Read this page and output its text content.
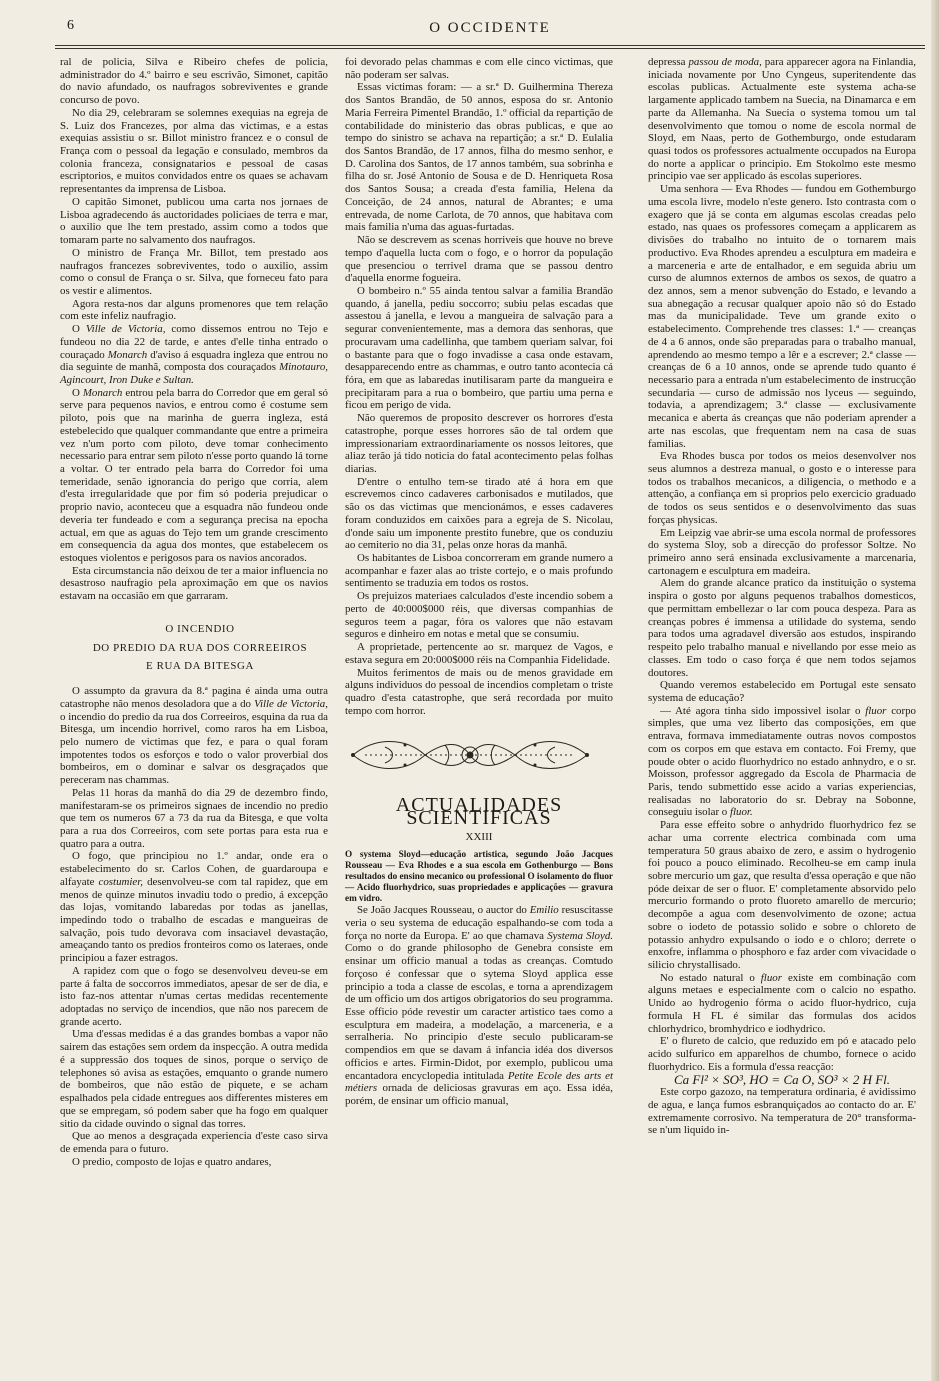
6	O OCCIDENTE

ral de policia, Silva e Ribeiro chefes de policia, administrador do 4.º bairro e seu escrivão, Simonet, capitão do navio afundado, os naufragos sobreviventes e grande concurso de povo.

No dia 29, celebraram se solemnes exequias na egreja de S. Luiz dos Francezes, por alma das victimas, e a estas exequias assistiu o sr. Billot ministro francez e o consul de França com o pessoal da legação e consulado, membros da colonia franceza, consignatarios e pessoal de casas escriptorios, e muitos convidados entre os quaes se achavam representantes da imprensa de Lisboa.

O capitão Simonet, publicou uma carta nos jornaes de Lisboa agradecendo ás auctoridades policiaes de terra e mar, o auxilio que lhe tem prestado, assim como a todos que tomaram parte no salvamento dos naufragos.

O ministro de França Mr. Billot, tem prestado aos naufragos francezes sobreviventes, todo o auxilio, assim como o consul de França o sr. Silva, que forneceu fato para os vestir e alimentos.

Agora resta-nos dar alguns promenores que tem relação com este infeliz naufragio.

O Ville de Victoria, como dissemos entrou no Tejo e fundeou no dia 22 de tarde, e antes d'elle tinha entrado o couraçado Monarch d'aviso á esquadra ingleza que entrou no dia seguinte de manhã, composta dos couraçados Minotauro, Agincourt, Iron Duke e Sultan.

O Monarch entrou pela barra do Corredor que em geral só serve para pequenos navios, e entrou como é costume sem piloto, pois que na marinha de guerra ingleza, está estebelecido que qualquer commandante que entre a primeira vez n'um porto com piloto, deve tomar conhecimento necessario para entrar sem piloto n'esse porto quando lá torne a voltar. O ter entrado pela barra do Corredor foi uma temeridade, senão ignorancia do perigo que corria, alem d'esta irregularidade que por fim só poderia prejudicar o proprio navio, aconteceu que a esquadra não fundeou onde deveria ter fundeado e com a segurança precisa na epocha actual, em que as aguas do Tejo tem um grande crescimento em consequencia da agua dos montes, que estabelecem os estoques violentos e perigosos para os navios ancorados.

Esta circumstancia não deixou de ter a maior influencia no desastroso naufragio pela aproximação em que os navios estavam na occasião em que garraram.

O INCENDIO

DO PREDIO DA RUA DOS CORREEIROS

E RUA DA BITESGA

O assumpto da gravura da 8.ª pagina é ainda uma outra catastrophe não menos desoladora que a do Ville de Victoria, o incendio do predio da rua dos Correeiros, esquina da rua da Bitesga, um incendio horrivel, como raros ha em Lisboa, pelo numero de victimas que fez, e para o qual foram impotentes todos os esforços e todo o valor proverbial dos bombeiros, em o dominar e salvar os desgraçados que pereceram nas chammas.

Pelas 11 horas da manhã do dia 29 de dezembro findo, manifestaram-se os primeiros signaes de incendio no predio que tem os numeros 67 a 73 da rua da Bitesga, e que volta para a rua dos Correeiros, com sete portas para esta rua e quatro para a outra.

O fogo, que principiou no 1.º andar, onde era o estabelecimento do sr. Carlos Cohen, de guardaroupa e alfayate costumier, desenvolveu-se com tal rapidez, que em menos de quinze minutos invadiu todo o predio, á excepção das lojas, vomitando labaredas por todas as janellas, impedindo todo o trabalho de escadas e mangueiras de salvação, pois tudo devorava com insaciavel devastação, ameaçando tanto os predios fronteiros como os lateraes, onde principiou a fazer estragos.

A rapidez com que o fogo se desenvolveu deveu-se em parte á falta de soccorros immediatos, apesar de ser de dia, e isto faz-nos attentar n'umas certas medidas recentemente adoptadas no serviço de incendios, que não nos parecem de grande acerto.

Uma d'essas medidas é a das grandes bombas a vapor não sairem das estações sem ordem da inspecção. A outra medida é a suppressão dos toques de sinos, porque o serviço de telephones só avisa as estações, emquanto o grande numero de bombeiros, que não estão de piquete, e se acham espalhados pela cidade entregues aos differentes misteres em que se empregam, só podem saber que ha fogo em qualquer sitio da cidade ouvindo o signal das torres.

Que ao menos a desgraçada experiencia d'este caso sirva de emenda para o futuro.

O predio, composto de lojas e quatro andares,

foi devorado pelas chammas e com elle cinco victimas, que não poderam ser salvas.

Essas victimas foram: — a sr.ª D. Guilhermina Thereza dos Santos Brandão, de 50 annos, esposa do sr. Antonio Maria Ferreira Pimentel Brandão, 1.º official da repartição de contabilidade do ministerio das obras publicas, e que ao tempo do sinistro se achava na repartição; a sr.ª D. Eulalia dos Santos Brandão, de 17 annos, filha do mesmo senhor, e D. Carolina dos Santos, de 17 annos também, sua sobrinha e filha do sr. José Antonio de Sousa e de D. Henriqueta Rosa dos Santos Sousa; a creada d'esta familia, Helena da Conceição, de 24 annos, natural de Abrantes; e uma entrevada, de nome Carlota, de 70 annos, que habitava com mais familia n'uma das aguas-furtadas.

Não se descrevem as scenas horriveis que houve no breve tempo d'aquella lucta com o fogo, e o horror da população que presenciou o terrivel drama que se passou dentro d'aquella enorme fogueira.

O bombeiro n.º 55 ainda tentou salvar a familia Brandão quando, á janella, pediu soccorro; subiu pelas escadas que assestou á janella, e levou a mangueira de salvação para a segurar convenientemente, mas a demora das senhoras, que procuravam uma cadellinha, que tambem queriam salvar, foi o bastante para que o fogo invadisse a casa onde estavam, desapparecendo entre as chammas, e outro tanto acontecia cá fóra, em que as labaredas inutilisaram parte da mangueira e precipitaram para a rua o bombeiro, que partiu uma perna e ficou em perigo de vida.

Não queremos de proposito descrever os horrores d'esta catastrophe, porque esses horrores são de tal ordem que impressionariam extraordinariamente os nossos leitores, que aliaz terão já tido noticia do fatal acontecimento pelas folhas diarias.

D'entre o entulho tem-se tirado até á hora em que escrevemos cinco cadaveres carbonisados e mutilados, que são os das victimas que mencionámos, e esses cadaveres foram conduzidos em caixões para a egreja de S. Nicolau, d'onde saiu um imponente prestito funebre, que os conduziu ao cemiterio no dia 31, pelas onze horas da manhã.

Os habitantes de Lisboa concorreram em grande numero a acompanhar e fazer alas ao triste cortejo, e o mais profundo sentimento se traduzia em todos os rostos.

Os prejuizos materiaes calculados d'este incendio sobem a perto de 40:000$000 réis, que diversas companhias de seguros teem a pagar, fóra os valores que não estavam seguros e dinheiro em notas e metal que se consumiu.

A proprietade, pertencente ao sr. marquez de Vagos, e estava segura em 20:000$000 réis na Companhia Fidelidade.

Muitos ferimentos de mais ou de menos gravidade em alguns individuos do pessoal de incendios completam o triste quadro d'esta catastrophe, que será recordada por muito tempo com horror.

ACTUALIDADES SCIENTIFICAS
XXIII

O systema Sloyd—educação artistica, segundo João Jacques Rousseau — Eva Rhodes e a sua escola em Gothenburgo — Bons resultados do ensino mecanico ou professional O isolamento do fluor — Acido fluorhydrico, suas propriedades e applicações — gravura em vidro.

Se João Jacques Rousseau, o auctor do Emilio resuscitasse veria o seu systema de educação espalhando-se com toda a força no norte da Europa. E' ao que chamava Systema Sloyd. Como o do grande philosopho de Genebra consiste em ensinar um officio manual a todas as creanças. Comtudo forçoso é confessar que o sytema Sloyd applica esse principio a toda a classe de escolas, e torna a aprendizagem de um officio um dos artigos obrigatorios do seu programma. Esse officio póde revestir um caracter artistico taes como a esculptura em madeira, a modelação, a marceneria, e a serralheria. No principio d'este seculo publicaram-se compendios em que se davam á infancia idéa dos diversos officios e artes. Firmin-Didot, por exemplo, publicou uma encantadora encyclopedia intitulada Petite Ecole des arts et métiers ornada de deliciosas gravuras em aço. Essa idéa, porém, de ensinar um officio manual,

depressa passou de moda, para apparecer agora na Finlandia, iniciada novamente por Uno Cyngeus, superitendente das escolas publicas. Actualmente este systema acha-se largamente applicado tambem na Suecia, na Dinamarca e em parte da Allemanha. Na Suecia o systema tomou um tal desenvolvimento que tomou o nome de escola normal de Sloyd, em Naas, perto de Gothemburgo, onde estudaram quasi todos os professores actualmente occupados na Europa do norte a applicar o principio. Em Stokolmo este mesmo principio vae ser applicado ás escolas superiores.

Uma senhora — Eva Rhodes — fundou em Gothemburgo uma escola livre, modelo n'este genero. Isto contrasta com o exagero que já se conta em algumas escolas creadas pelo estado, nas quaes os professores começam a applicarem as divisões do trabalho no intuito de o tornarem mais productivo. Eva Rhodes aprendeu a esculptura em madeira e a marceneria e arte de entalhador, e em seguida abriu um curso de alumnos externos de ambos os sexos, de quatro a dez annos, sem a menor subvenção do Estado, e levando a sua abnegação a recusar qualquer apoio não só do Estado mas da municipalidade. Teve um grande exito o estabelecimento. Comprehende tres classes: 1.ª — creanças de 4 a 6 annos, onde são preparadas para o trabalho manual, aprendendo ao mesmo tempo a lêr e a escrever; 2.ª classe — creanças de 6 a 10 annos, onde se aprende tudo quanto é necessario para a entrada n'um estabelecimento de instrucção secundaria — curso de admissão nos lyceus — seguindo, todavia, a aprendizagem; 3.ª classe — exclusivamente mecanica e aberta ás creanças que não poderiam aprender a arte nas escolas, que frequentam nem na casa de suas familias.

Eva Rhodes busca por todos os meios desenvolver nos seus alumnos a destreza manual, o gosto e o interesse para todos os trabalhos mecanicos, a diligencia, o methodo e a attenção, a confiança em si proprios pelo exercicio graduado de todos os seus sentidos e o desenvolvimento das suas forças physicas.

Em Leipzig vae abrir-se uma escola normal de professores do systema Sloy, sob a direcção do professor Soltze. No primeiro anno será ensinada exclusivamente a marcenaria, cartonagem e esculptura em madeira.

Alem do grande alcance pratico da instituição o systema inspira o gosto por alguns pequenos trabalhos domesticos, que permittam embellezar o lar com pouca despeza. Para as creanças pobres é immensa a utilidade do systema, sendo para todos uma agradavel diversão aos estudos, inspirando respeito pelo trabalho manual e nivellando por esse meio as classes. Em todo o caso força é que nem todos sejamos doutores.

Quando veremos estabelecido em Portugal este sensato systema de educação?

— Até agora tinha sido impossivel isolar o fluor corpo simples, que uma vez liberto das composições, em que entrava, formava immediatamente outras novos compostos com os corpos em que estava em contacto. Foi Fremy, que poude obter o acido fluorhydrico no estado anhnydro, e o sr. Moisson, professor aggregado da Escola de Pharmacia de Paris, tendo submettido esse acido a varias experiencias, realisadas no laboratorio do sr. Debray na Sobonne, conseguiu isolar o fluor.

Para esse effeito sobre o anhydrido fluorhydrico fez se achar uma corrente electrica combinada com uma temperatura 50 graus abaixo de zero, e assim o hydrogenio foi pouco a pouco eliminado. Recolheu-se em camp inula sobre mercurio um gaz, que resulta d'essa operação e que não póde deixar de ser o fluor. E' completamente absorvido pelo mercurio formando o proto fluoreto amarello de mercurio; decompõe a agua com desenvolvimento de ozone; actua sobre o iodeto de potassio solido e sobre o chloreto de potassio anhydro expulsando o iodo e o chloro; derrete o enxofre, inflamma o phosphoro e faz arder com vivacidade o silicio chrystallisado.

No estado natural o fluor existe em combinação com alguns metaes e especialmente com o calcio no espatho. Unido ao hydrogenio fórma o acido fluor-hydrico, cuja formula H FL é similar das formulas dos acidos chlorhydrico, bromhydrico e iodhydrico.

E' o flureto de calcio, que reduzido em pó e atacado pelo acido sulfurico em apparelhos de chumbo, fornece o acido fluorhydrico. Eis a formula d'essa reacção:

Ca Fl² × SO³, HO = Ca O, SO³ × 2 H Fl.

Este corpo gazozo, na temperatura ordinaria, é avidissimo de agua, e lança fumos esbranquiçados ao contacto do ar. E' extremamente corrosivo. Na temperatura de 20° transforma-se n'um liquido in-
